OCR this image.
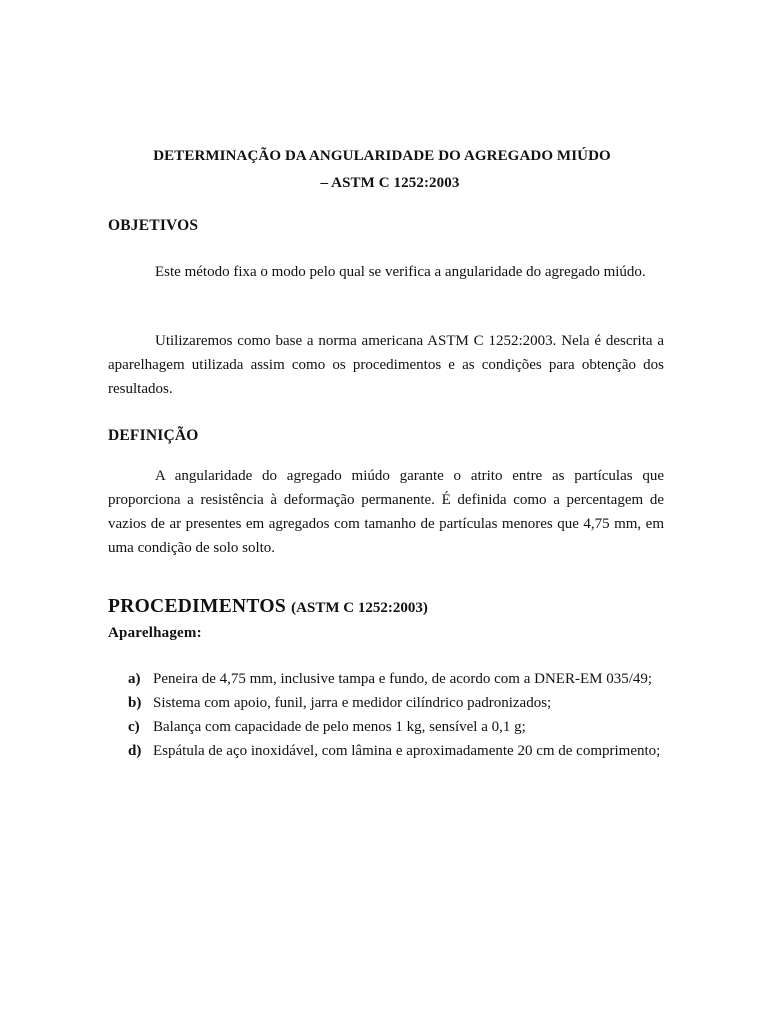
DETERMINAÇÃO DA ANGULARIDADE DO AGREGADO MIÚDO
– ASTM C 1252:2003
OBJETIVOS

Este método fixa o modo pelo qual se verifica a angularidade do agregado miúdo.

Utilizaremos como base a norma americana ASTM C 1252:2003. Nela é descrita a aparelhagem utilizada assim como os procedimentos e as condições para obtenção dos resultados.

DEFINIÇÃO

A angularidade do agregado miúdo garante o atrito entre as partículas que proporciona a resistência à deformação permanente. É definida como a percentagem de vazios de ar presentes em agregados com tamanho de partículas menores que 4,75 mm, em uma condição de solo solto.

PROCEDIMENTOS (ASTM C 1252:2003)
Aparelhagem:
a) Peneira de 4,75 mm, inclusive tampa e fundo, de acordo com a DNER-EM 035/49;
b) Sistema com apoio, funil, jarra e medidor cilíndrico padronizados;
c) Balança com capacidade de pelo menos 1 kg, sensível a 0,1 g;
d) Espátula de aço inoxidável, com lâmina e aproximadamente 20 cm de comprimento;
